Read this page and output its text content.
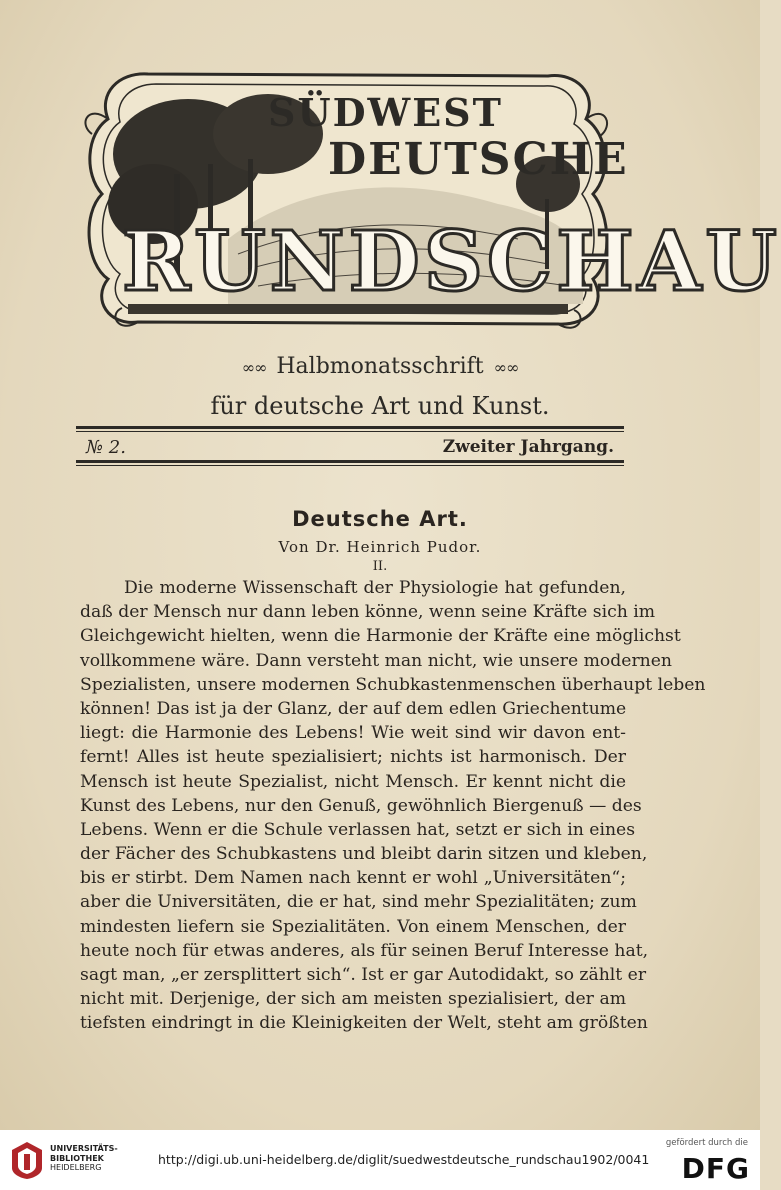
SÜDWEST

DEUTSCHE

RUNDSCHAU

∞∞ Halbmonatsschrift ∞∞

für deutsche Art und Kunst.

№ 2.	Zweiter Jahrgang.

Deutsche Art.

Von Dr. Heinrich Pudor.

II.

Die moderne Wissenschaft der Physiologie hat gefunden,
daß der Mensch nur dann leben könne, wenn seine Kräfte sich im
Gleichgewicht hielten, wenn die Harmonie der Kräfte eine möglichst
vollkommene wäre. Dann versteht man nicht, wie unsere modernen
Spezialisten, unsere modernen Schubkastenmenschen überhaupt leben
können! Das ist ja der Glanz, der auf dem edlen Griechentume
liegt: die Harmonie des Lebens! Wie weit sind wir davon ent-
fernt! Alles ist heute spezialisiert; nichts ist harmonisch. Der
Mensch ist heute Spezialist, nicht Mensch. Er kennt nicht die
Kunst des Lebens, nur den Genuß, gewöhnlich Biergenuß — des
Lebens. Wenn er die Schule verlassen hat, setzt er sich in eines
der Fächer des Schubkastens und bleibt darin sitzen und kleben,
bis er stirbt. Dem Namen nach kennt er wohl „Universitäten“;
aber die Universitäten, die er hat, sind mehr Spezialitäten; zum
mindesten liefern sie Spezialitäten. Von einem Menschen, der
heute noch für etwas anderes, als für seinen Beruf Interesse hat,
sagt man, „er zersplittert sich“. Ist er gar Autodidakt, so zählt er
nicht mit. Derjenige, der sich am meisten spezialisiert, der am
tiefsten eindringt in die Kleinigkeiten der Welt, steht am größten
UNIVERSITÄTS-
BIBLIOTHEK
HEIDELBERG

http://digi.ub.uni-heidelberg.de/diglit/suedwestdeutsche_rundschau1902/0041

gefördert durch die

DFG
